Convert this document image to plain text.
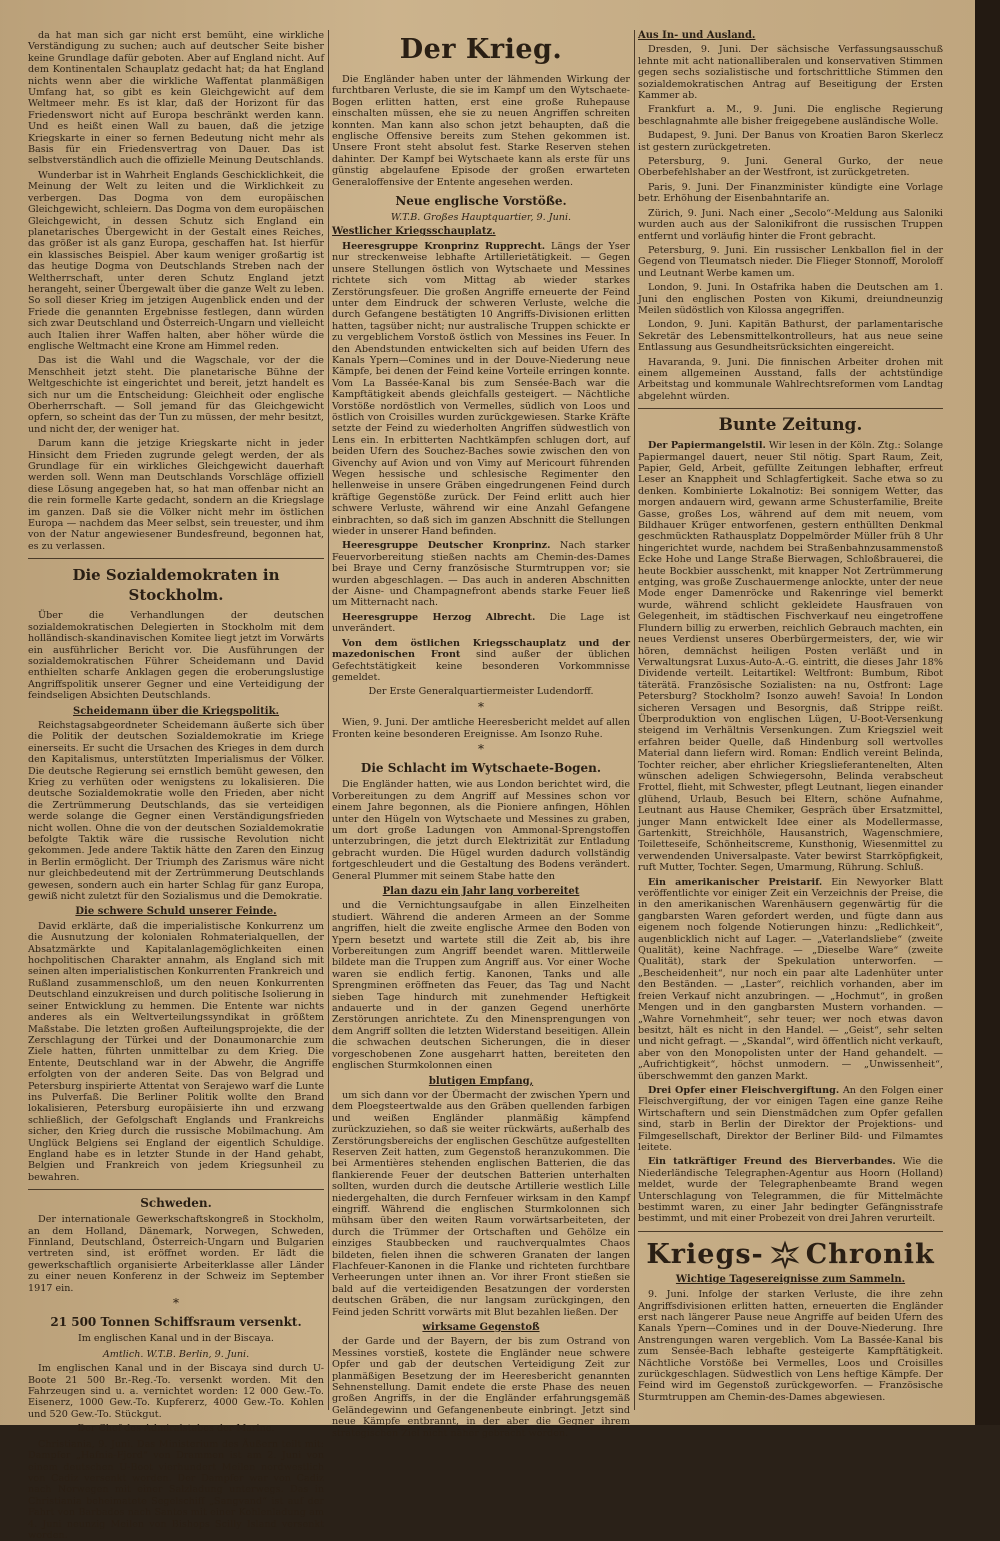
da hat man sich gar nicht erst bemüht, eine wirkliche Verständigung zu suchen; auch auf deutscher Seite bisher keine Grundlage dafür geboten. Aber auf England nicht. Auf dem Kontinentalen Schauplatz gedacht hat; da hat England nichts wenn aber die wirkliche Waffentat planmäßigen Umfang hat, so gibt es kein Gleichgewicht auf dem Weltmeer mehr. Es ist klar, daß der Horizont für das Friedenswort nicht auf Europa beschränkt werden kann. Und es heißt einen Wall zu bauen, daß die jetzige Kriegskarte in einer so fernen Bedeutung nicht mehr als Basis für ein Friedensvertrag von Dauer. Das ist selbstverständlich auch die offizielle Meinung Deutschlands.

Wunderbar ist in Wahrheit Englands Geschicklichkeit, die Meinung der Welt zu leiten und die Wirklichkeit zu verbergen. Das Dogma von dem europäischen Gleichgewicht, schleiern. Das Dogma von dem europäischen Gleichgewicht, in dessen Schutz sich England ein planetarisches Übergewicht in der Gestalt eines Reiches, das größer ist als ganz Europa, geschaffen hat. Ist hierfür ein klassisches Beispiel. Aber kaum weniger großartig ist das heutige Dogma von Deutschlands Streben nach der Weltherrschaft, unter deren Schutz England jetzt herangeht, seiner Übergewalt über die ganze Welt zu leben. So soll dieser Krieg im jetzigen Augenblick enden und der Friede die genannten Ergebnisse festlegen, dann würden sich zwar Deutschland und Österreich-Ungarn und vielleicht auch Italien ihrer Waffen halten, aber höher würde die englische Weltmacht eine Krone am Himmel reden.

Das ist die Wahl und die Wagschale, vor der die Menschheit jetzt steht. Die planetarische Bühne der Weltgeschichte ist eingerichtet und bereit, jetzt handelt es sich nur um die Entscheidung: Gleichheit oder englische Oberherrschaft. — Soll jemand für das Gleichgewicht opfern, so scheint das der Tun zu müssen, der mehr besitzt, und nicht der, der weniger hat.

Darum kann die jetzige Kriegskarte nicht in jeder Hinsicht dem Frieden zugrunde gelegt werden, der als Grundlage für ein wirkliches Gleichgewicht dauerhaft werden soll. Wenn man Deutschlands Vorschläge offiziell diese Lösung angegeben hat, so hat man offenbar nicht an die rein formelle Karte gedacht, sondern an die Kriegslage im ganzen. Daß sie die Völker nicht mehr im östlichen Europa — nachdem das Meer selbst, sein treuester, und ihm von der Natur angewiesener Bundesfreund, begonnen hat, es zu verlassen.

Die Sozialdemokraten in Stockholm.

Über die Verhandlungen der deutschen sozialdemokratischen Delegierten in Stockholm mit dem holländisch-skandinavischen Komitee liegt jetzt im Vorwärts ein ausführlicher Bericht vor. Die Ausführungen der sozialdemokratischen Führer Scheidemann und David enthielten scharfe Anklagen gegen die eroberungslustige Angriffspolitik unserer Gegner und eine Verteidigung der feindseligen Absichten Deutschlands.

Scheidemann über die Kriegspolitik.

Reichstagsabgeordneter Scheidemann äußerte sich über die Politik der deutschen Sozialdemokratie im Kriege einerseits. Er sucht die Ursachen des Krieges in dem durch den Kapitalismus, unterstützten Imperialismus der Völker. Die deutsche Regierung sei ernstlich bemüht gewesen, den Krieg zu verhüten oder wenigstens zu lokalisieren. Die deutsche Sozialdemokratie wolle den Frieden, aber nicht die Zertrümmerung Deutschlands, das sie verteidigen werde solange die Gegner einen Verständigungsfrieden nicht wollen. Ohne die von der deutschen Sozialdemokratie befolgte Taktik wäre die russische Revolution nicht gekommen. Jede andere Taktik hätte den Zaren den Einzug in Berlin ermöglicht. Der Triumph des Zarismus wäre nicht nur gleichbedeutend mit der Zertrümmerung Deutschlands gewesen, sondern auch ein harter Schlag für ganz Europa, gewiß nicht zuletzt für den Sozialismus und die Demokratie.

Die schwere Schuld unserer Feinde.

David erklärte, daß die imperialistische Konkurrenz um die Ausnutzung der kolonialen Rohmaterialquellen, der Absatzmärkte und Kapitalanlagemöglichkeiten einen hochpolitischen Charakter annahm, als England sich mit seinen alten imperialistischen Konkurrenten Frankreich und Rußland zusammenschloß, um den neuen Konkurrenten Deutschland einzukreisen und durch politische Isolierung in seiner Entwicklung zu hemmen. Die Entente war nichts anderes als ein Weltverteilungssyndikat in größtem Maßstabe. Die letzten großen Aufteilungsprojekte, die der Zerschlagung der Türkei und der Donaumonarchie zum Ziele hatten, führten unmittelbar zu dem Krieg. Die Entente, Deutschland war in der Abwehr, die Angriffe erfolgten von der anderen Seite. Das von Belgrad und Petersburg inspirierte Attentat von Serajewo warf die Lunte ins Pulverfaß. Die Berliner Politik wollte den Brand lokalisieren, Petersburg europäisierte ihn und erzwang schließlich, der Gefolgschaft Englands und Frankreichs sicher, den Krieg durch die russische Mobilmachung. Am Unglück Belgiens sei England der eigentlich Schuldige. England habe es in letzter Stunde in der Hand gehabt, Belgien und Frankreich von jedem Kriegsunheil zu bewahren.

Schweden.

Der internationale Gewerkschaftskongreß in Stockholm, an dem Holland, Dänemark, Norwegen, Schweden, Finnland, Deutschland, Österreich-Ungarn und Bulgarien vertreten sind, ist eröffnet worden. Er lädt die gewerkschaftlich organisierte Arbeiterklasse aller Länder zu einer neuen Konferenz in der Schweiz im September 1917 ein.

*
21 500 Tonnen Schiffsraum versenkt.
Im englischen Kanal und in der Biscaya.
Amtlich. W.T.B. Berlin, 9. Juni.

Im englischen Kanal und in der Biscaya sind durch U-Boote 21 500 Br.-Reg.-To. versenkt worden. Mit den Fahrzeugen sind u. a. vernichtet worden: 12 000 Gew.-To. Eisenerz, 1000 Gew.-To. Kupfererz, 4000 Gew.-To. Kohlen und 520 Gew.-To. Stückgut.

Der Chef des Admiralstabes der Marine.

Christiania, 9. Juni. Das Ministerium des Äußern teilt mit: Dampfer „Hafnia-Fjord“ von Drammen ist am 2. Juni von einem deutschen U-Boot vierhundert Meilen nordwestlich von Cadiz versenkt worden. Der Dampfer war von Cadiz nach Norwegen mit einer Salzladung unterwegs. Das in Christiania beheimatete Segelschiff „Sangvand“ ist auf der Fahrt von Barbados nach Santos mit einer Kohlenladung am 4. Juni neunzig Meilen von Bishops Scilly Island versenkt worden.

Der Krieg.

Die Engländer haben unter der lähmenden Wirkung der furchtbaren Verluste, die sie im Kampf um den Wytschaete-Bogen erlitten hatten, erst eine große Ruhepause einschalten müssen, ehe sie zu neuen Angriffen schreiten konnten. Man kann also schon jetzt behaupten, daß die englische Offensive bereits zum Stehen gekommen ist. Unsere Front steht absolut fest. Starke Reserven stehen dahinter. Der Kampf bei Wytschaete kann als erste für uns günstig abgelaufene Episode der großen erwarteten Generaloffensive der Entente angesehen werden.

Neue englische Vorstöße.
W.T.B. Großes Hauptquartier, 9. Juni.
Westlicher Kriegsschauplatz.

Heeresgruppe Kronprinz Rupprecht. Längs der Yser nur streckenweise lebhafte Artillerietätigkeit. — Gegen unsere Stellungen östlich von Wytschaete und Messines richtete sich vom Mittag ab wieder starkes Zerstörungsfeuer. Die großen Angriffe erneuerte der Feind unter dem Eindruck der schweren Verluste, welche die durch Gefangene bestätigten 10 Angriffs-Divisionen erlitten hatten, tagsüber nicht; nur australische Truppen schickte er zu vergeblichem Vorstoß östlich von Messines ins Feuer. In den Abendstunden entwickelten sich auf beiden Ufern des Kanals Ypern—Comines und in der Douve-Niederung neue Kämpfe, bei denen der Feind keine Vorteile erringen konnte. Vom La Bassée-Kanal bis zum Sensée-Bach war die Kampftätigkeit abends gleichfalls gesteigert. — Nächtliche Vorstöße nordöstlich von Vermelles, südlich von Loos und östlich von Croisilles wurden zurückgewiesen. Starke Kräfte setzte der Feind zu wiederholten Angriffen südwestlich von Lens ein. In erbitterten Nachtkämpfen schlugen dort, auf beiden Ufern des Souchez-Baches sowie zwischen den von Givenchy auf Avion und von Vimy auf Mericourt führenden Wegen hessische und schlesische Regimenter den hellenweise in unsere Gräben eingedrungenen Feind durch kräftige Gegenstöße zurück. Der Feind erlitt auch hier schwere Verluste, während wir eine Anzahl Gefangene einbrachten, so daß sich im ganzen Abschnitt die Stellungen wieder in unserer Hand befinden.

Heeresgruppe Deutscher Kronprinz. Nach starker Feuervorbereitung stießen nachts am Chemin-des-Dames bei Braye und Cerny französische Sturmtruppen vor; sie wurden abgeschlagen. — Das auch in anderen Abschnitten der Aisne- und Champagnefront abends starke Feuer ließ um Mitternacht nach.

Heeresgruppe Herzog Albrecht. Die Lage ist unverändert.

Von dem östlichen Kriegsschauplatz und der mazedonischen Front sind außer der üblichen Gefechtstätigkeit keine besonderen Vorkommnisse gemeldet.

Der Erste Generalquartiermeister Ludendorff.
*

Wien, 9. Juni. Der amtliche Heeresbericht meldet auf allen Fronten keine besonderen Ereignisse. Am Isonzo Ruhe.

*
Die Schlacht im Wytschaete-Bogen.

Die Engländer hatten, wie aus London berichtet wird, die Vorbereitungen zu dem Angriff auf Messines schon vor einem Jahre begonnen, als die Pioniere anfingen, Höhlen unter den Hügeln von Wytschaete und Messines zu graben, um dort große Ladungen von Ammonal-Sprengstoffen unterzubringen, die jetzt durch Elektrizität zur Entladung gebracht wurden. Die Hügel wurden dadurch vollständig fortgeschleudert und die Gestaltung des Bodens verändert. General Plummer mit seinem Stabe hatte den

Plan dazu ein Jahr lang vorbereitet

und die Vernichtungsaufgabe in allen Einzelheiten studiert. Während die anderen Armeen an der Somme angriffen, hielt die zweite englische Armee den Boden von Ypern besetzt und wartete still die Zeit ab, bis ihre Vorbereitungen zum Angriff beendet waren. Mittlerweile bildete man die Truppen zum Angriff aus. Vor einer Woche waren sie endlich fertig. Kanonen, Tanks und alle Sprengminen eröffneten das Feuer, das Tag und Nacht sieben Tage hindurch mit zunehmender Heftigkeit andauerte und in der ganzen Gegend unerhörte Zerstörungen anrichtete. Zu den Minensprengungen von dem Angriff sollten die letzten Widerstand beseitigen. Allein die schwachen deutschen Sicherungen, die in dieser vorgeschobenen Zone ausgeharrt hatten, bereiteten den englischen Sturmkolonnen einen

blutigen Empfang,

um sich dann vor der Übermacht der zwischen Ypern und dem Ploegsteertwalde aus den Gräben quellenden farbigen und weißen Engländer planmäßig kämpfend zurückzuziehen, so daß sie weiter rückwärts, außerhalb des Zerstörungsbereichs der englischen Geschütze aufgestellten Reserven Zeit hatten, zum Gegenstoß heranzukommen. Die bei Armentières stehenden englischen Batterien, die das flankierende Feuer der deutschen Batterien unterhalten sollten, wurden durch die deutsche Artillerie westlich Lille niedergehalten, die durch Fernfeuer wirksam in den Kampf eingriff. Während die englischen Sturmkolonnen sich mühsam über den weiten Raum vorwärtsarbeiteten, der durch die Trümmer der Ortschaften und Gehölze ein einziges Staubbecken und rauchverqualmtes Chaos bildeten, fielen ihnen die schweren Granaten der langen Flachfeuer-Kanonen in die Flanke und richteten furchtbare Verheerungen unter ihnen an. Vor ihrer Front stießen sie bald auf die verteidigenden Besatzungen der vordersten deutschen Gräben, die nur langsam zurückgingen, den Feind jeden Schritt vorwärts mit Blut bezahlen ließen. Der

wirksame Gegenstoß

der Garde und der Bayern, der bis zum Ostrand von Messines vorstieß, kostete die Engländer neue schwere Opfer und gab der deutschen Verteidigung Zeit zur planmäßigen Besetzung der im Heeresbericht genannten Sehnenstellung. Damit endete die erste Phase des neuen großen Angriffs, in der die Engländer erfahrungsgemäß Geländegewinn und Gefangenenbeute einbringt. Jetzt sind neue Kämpfe entbrannt, in der aber die Gegner ihrem strategischen Ziel nicht näher gebracht worden.

Aus In- und Ausland.

Dresden, 9. Juni. Der sächsische Verfassungsausschuß lehnte mit acht nationalliberalen und konservativen Stimmen gegen sechs sozialistische und fortschrittliche Stimmen den sozialdemokratischen Antrag auf Beseitigung der Ersten Kammer ab.

Frankfurt a. M., 9. Juni. Die englische Regierung beschlagnahmte alle bisher freigegebene ausländische Wolle.

Budapest, 9. Juni. Der Banus von Kroatien Baron Skerlecz ist gestern zurückgetreten.

Petersburg, 9. Juni. General Gurko, der neue Oberbefehlshaber an der Westfront, ist zurückgetreten.

Paris, 9. Juni. Der Finanzminister kündigte eine Vorlage betr. Erhöhung der Eisenbahntarife an.

Zürich, 9. Juni. Nach einer „Secolo“-Meldung aus Saloniki wurden auch aus der Salonikifront die russischen Truppen entfernt und vorläufig hinter die Front gebracht.

Petersburg, 9. Juni. Ein russischer Lenkballon fiel in der Gegend von Tleumatsch nieder. Die Flieger Stonnoff, Moroloff und Leutnant Werbe kamen um.

London, 9. Juni. In Ostafrika haben die Deutschen am 1. Juni den englischen Posten von Kikumi, dreiundneunzig Meilen südöstlich von Kilossa angegriffen.

London, 9. Juni. Kapitän Bathurst, der parlamentarische Sekretär des Lebensmittelkontrolleurs, hat aus neue seine Entlassung aus Gesundheitsrücksichten eingereicht.

Havaranda, 9. Juni. Die finnischen Arbeiter drohen mit einem allgemeinen Ausstand, falls der achtstündige Arbeitstag und kommunale Wahlrechtsreformen vom Landtag abgelehnt würden.

Bunte Zeitung.

Der Papiermangelstil. Wir lesen in der Köln. Ztg.: Solange Papiermangel dauert, neuer Stil nötig. Spart Raum, Zeit, Papier, Geld, Arbeit, gefüllte Zeitungen lebhafter, erfreut Leser an Knappheit und Schlagfertigkeit. Sache etwa so zu denken. Kombinierte Lokalnotiz: Bei sonnigem Wetter, das morgen andauern wird, gewann arme Schusterfamilie, Breite Gasse, großes Los, während auf dem mit neuem, vom Bildhauer Krüger entworfenen, gestern enthüllten Denkmal geschmückten Rathausplatz Doppelmörder Müller früh 8 Uhr hingerichtet wurde, nachdem bei Straßenbahnzusammenstoß Ecke Hohe und Lange Straße Bierwagen, Schloßbrauerei, die heute Bockbier ausschenkt, mit knapper Not Zertrümmerung entging, was große Zuschauermenge anlockte, unter der neue Mode enger Damenröcke und Rakenringe viel bemerkt wurde, während schlicht gekleidete Hausfrauen von Gelegenheit, im städtischen Fischverkauf neu eingetroffene Flundern billig zu erwerben, reichlich Gebrauch machten, ein neues Verdienst unseres Oberbürgermeisters, der, wie wir hören, demnächst heiligen Posten verläßt und in Verwaltungsrat Luxus-Auto-A.-G. eintritt, die dieses Jahr 18% Dividende verteilt. Leitartikel: Weltfront: Bumbum, Ribot täterätä. Französische Sozialisten: na nu, Ostfront: Lage Petersburg? Stockholm? Isonzo auweh! Savoia! In London sicheren Versagen und Besorgnis, daß Strippe reißt. Überproduktion von englischen Lügen, U-Boot-Versenkung steigend im Verhältnis Versenkungen. Zum Kriegsziel weit erfahren beider Quelle, daß Hindenburg soll wertvolles Material dann liefern wird. Roman: Endlich vereint Belinda, Tochter reicher, aber ehrlicher Kriegslieferantenelten, Alten wünschen adeligen Schwiegersohn, Belinda verabscheut Frottel, flieht, mit Schwester, pflegt Leutnant, liegen einander glühend, Urlaub, Besuch bei Eltern, schöne Aufnahme, Leutnant aus Hause Chemiker, Gespräch über Ersatzmittel, junger Mann entwickelt Idee einer als Modellermasse, Gartenkitt, Streichhöle, Hausanstrich, Wagenschmiere, Toiletteseife, Schönheitscreme, Kunsthonig, Wiesenmittel zu verwendenden Universalpaste. Vater bewirst Starrköpfigkeit, ruft Mutter, Tochter. Segen, Umarmung, Rührung. Schluß.

Ein amerikanischer Preistarif. Ein Newyorker Blatt veröffentlichte vor einiger Zeit ein Verzeichnis der Preise, die in den amerikanischen Warenhäusern gegenwärtig für die gangbarsten Waren gefordert werden, und fügte dann aus eigenem noch folgende Notierungen hinzu: „Redlichkeit“, augenblicklich nicht auf Lager. — „Vaterlandsliebe“ (zweite Qualität), keine Nachfrage. — „Dieselbe Ware“ (zweite Qualität), stark der Spekulation unterworfen. — „Bescheidenheit“, nur noch ein paar alte Ladenhüter unter den Beständen. — „Laster“, reichlich vorhanden, aber im freien Verkauf nicht anzubringen. — „Hochmut“, in großen Mengen und in den gangbarsten Mustern vorhanden. — „Wahre Vornehmheit“, sehr teuer; wer noch etwas davon besitzt, hält es nicht in den Handel. — „Geist“, sehr selten und nicht gefragt. — „Skandal“, wird öffentlich nicht verkauft, aber von den Monopolisten unter der Hand gehandelt. — „Aufrichtigkeit“, höchst unmodern. — „Unwissenheit“, überschwemmt den ganzen Markt.

Drei Opfer einer Fleischvergiftung. An den Folgen einer Fleischvergiftung, der vor einigen Tagen eine ganze Reihe Wirtschaftern und sein Dienstmädchen zum Opfer gefallen sind, starb in Berlin der Direktor der Projektions- und Filmgesellschaft, Direktor der Berliner Bild- und Filmamtes leitete.

Ein tatkräftiger Freund des Bierverbandes. Wie die Niederländische Telegraphen-Agentur aus Hoorn (Holland) meldet, wurde der Telegraphenbeamte Brand wegen Unterschlagung von Telegrammen, die für Mittelmächte bestimmt waren, zu einer Jahr bedingter Gefängnisstrafe bestimmt, und mit einer Probezeit von drei Jahren verurteilt.

Kriegs- Chronik
Wichtige Tagesereignisse zum Sammeln.

9. Juni. Infolge der starken Verluste, die ihre zehn Angriffsdivisionen erlitten hatten, erneuerten die Engländer erst nach längerer Pause neue Angriffe auf beiden Ufern des Kanals Ypern—Comines und in der Douve-Niederung. Ihre Anstrengungen waren vergeblich. Vom La Bassée-Kanal bis zum Sensée-Bach lebhafte gesteigerte Kampftätigkeit. Nächtliche Vorstöße bei Vermelles, Loos und Croisilles zurückgeschlagen. Südwestlich von Lens heftige Kämpfe. Der Feind wird im Gegenstoß zurückgeworfen. — Französische Sturmtruppen am Chemin-des-Dames abgewiesen.
